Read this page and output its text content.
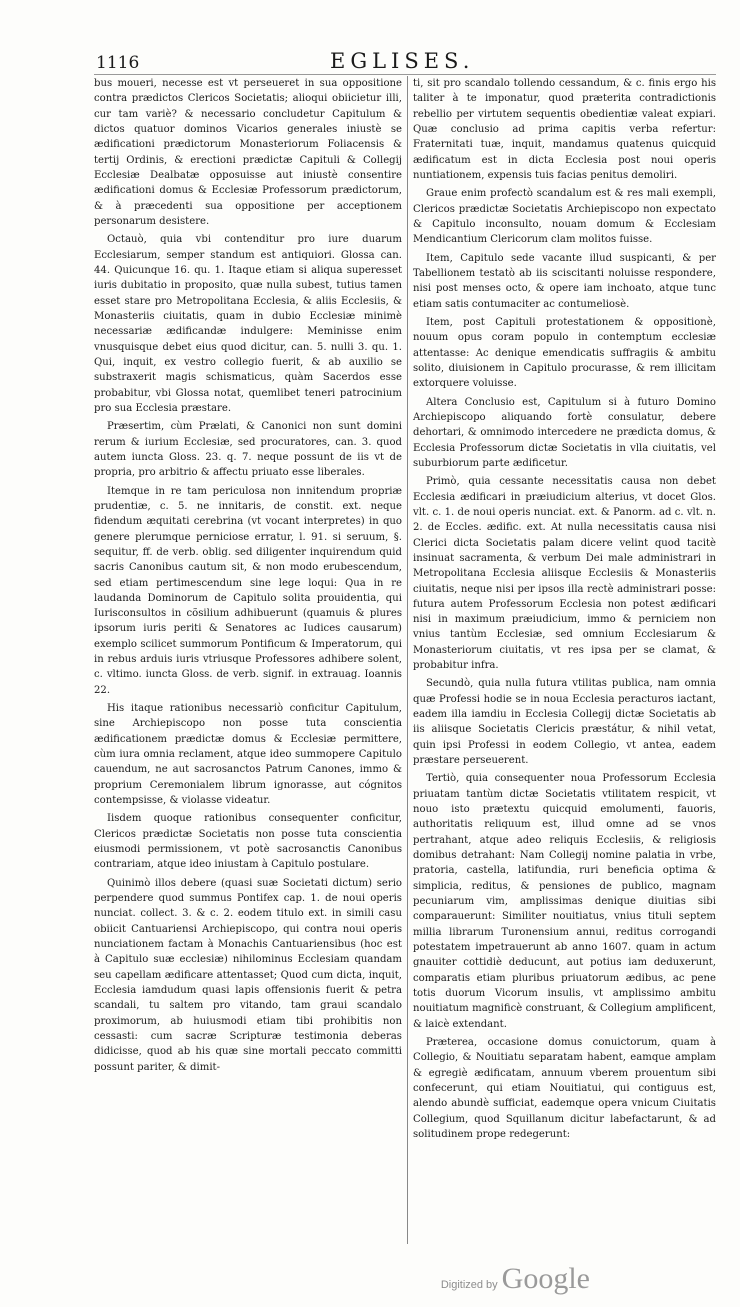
1116	EGLISES.

bus moueri, necesse est vt perseueret in sua oppositione contra prædictos Clericos Societatis; alioqui obiicietur illi, cur tam variè? & necessario concludetur Capitulum & dictos quatuor dominos Vicarios generales iniustè se ædificationi prædictorum Monasteriorum Foliacensis & tertij Ordinis, & erectioni prædictæ Capituli & Collegij Ecclesiæ Dealbatæ opposuisse aut iniustè consentire ædificationi domus & Ecclesiæ Professorum prædictorum, & à præcedenti sua oppositione per acceptionem personarum desistere.

Octauò, quia vbi contenditur pro iure duarum Ecclesiarum, semper standum est antiquiori. Glossa can. 44. Quicunque 16. qu. 1. Itaque etiam si aliqua superesset iuris dubitatio in proposito, quæ nulla subest, tutius tamen esset stare pro Metropolitana Ecclesia, & aliis Ecclesiis, & Monasteriis ciuitatis, quam in dubio Ecclesiæ minimè necessariæ ædificandæ indulgere: Meminisse enim vnusquisque debet eius quod dicitur, can. 5. nulli 3. qu. 1. Qui, inquit, ex vestro collegio fuerit, & ab auxilio se substraxerit magis schismaticus, quàm Sacerdos esse probabitur, vbi Glossa notat, quemlibet teneri patrocinium pro sua Ecclesia præstare.

Præsertim, cùm Prælati, & Canonici non sunt domini rerum & iurium Ecclesiæ, sed procuratores, can. 3. quod autem iuncta Gloss. 23. q. 7. neque possunt de iis vt de propria, pro arbitrio & affectu priuato esse liberales.

Itemque in re tam periculosa non innitendum propriæ prudentiæ, c. 5. ne innitaris, de constit. ext. neque fidendum æquitati cerebrina (vt vocant interpretes) in quo genere plerumque perniciose erratur, l. 91. si seruum, §. sequitur, ff. de verb. oblig. sed diligenter inquirendum quid sacris Canonibus cautum sit, & non modo erubescendum, sed etiam pertimescendum sine lege loqui: Qua in re laudanda Dominorum de Capitulo solita prouidentia, qui Iurisconsultos in cõsilium adhibuerunt (quamuis & plures ipsorum iuris periti & Senatores ac Iudices causarum) exemplo scilicet summorum Pontificum & Imperatorum, qui in rebus arduis iuris vtriusque Professores adhibere solent, c. vltimo. iuncta Gloss. de verb. signif. in extrauag. Ioannis 22.

His itaque rationibus necessariò conficitur Capitulum, sine Archiepiscopo non posse tuta conscientia ædificationem prædictæ domus & Ecclesiæ permittere, cùm iura omnia reclament, atque ideo summopere Capitulo cauendum, ne aut sacrosanctos Patrum Canones, immo & proprium Ceremonialem librum ignorasse, aut cógnitos contempsisse, & violasse videatur.

Iisdem quoque rationibus consequenter conficitur, Clericos prædictæ Societatis non posse tuta conscientia eiusmodi permissionem, vt potè sacrosanctis Canonibus contrariam, atque ideo iniustam à Capitulo postulare.

Quinimò illos debere (quasi suæ Societati dictum) serio perpendere quod summus Pontifex cap. 1. de noui operis nunciat. collect. 3. & c. 2. eodem titulo ext. in simili casu obiicit Cantuariensi Archiepiscopo, qui contra noui operis nunciationem factam à Monachis Cantuariensibus (hoc est à Capitulo suæ ecclesiæ) nihilominus Ecclesiam quandam seu capellam ædificare attentasset; Quod cum dicta, inquit, Ecclesia iamdudum quasi lapis offensionis fuerit & petra scandali, tu saltem pro vitando, tam graui scandalo proximorum, ab huiusmodi etiam tibi prohibitis non cessasti: cum sacræ Scripturæ testimonia deberas didicisse, quod ab his quæ sine mortali peccato committi possunt pariter, & dimit-

ti, sit pro scandalo tollendo cessandum, & c. finis ergo his taliter à te imponatur, quod præterita contradictionis rebellio per virtutem sequentis obedientiæ valeat expiari. Quæ conclusio ad prima capitis verba refertur: Fraternitati tuæ, inquit, mandamus quatenus quicquid ædificatum est in dicta Ecclesia post noui operis nuntiationem, expensis tuis facias penitus demoliri.

Graue enim profectò scandalum est & res mali exempli, Clericos prædictæ Societatis Archiepiscopo non expectato & Capitulo inconsulto, nouam domum & Ecclesiam Mendicantium Clericorum clam molitos fuisse.

Item, Capitulo sede vacante illud suspicanti, & per Tabellionem testatò ab iis sciscitanti noluisse respondere, nisi post menses octo, & opere iam inchoato, atque tunc etiam satis contumaciter ac contumeliosè.

Item, post Capituli protestationem & oppositionè, nouum opus coram populo in contemptum ecclesiæ attentasse: Ac denique emendicatis suffragiis & ambitu solito, diuisionem in Capitulo procurasse, & rem illicitam extorquere voluisse.

Altera Conclusio est, Capitulum si à futuro Domino Archiepiscopo aliquando fortè consulatur, debere dehortari, & omnimodo intercedere ne prædicta domus, & Ecclesia Professorum dictæ Societatis in vlla ciuitatis, vel suburbiorum parte ædificetur.

Primò, quia cessante necessitatis causa non debet Ecclesia ædificari in præiudicium alterius, vt docet Glos. vlt. c. 1. de noui operis nunciat. ext. & Panorm. ad c. vlt. n. 2. de Eccles. ædific. ext. At nulla necessitatis causa nisi Clerici dicta Societatis palam dicere velint quod tacitè insinuat sacramenta, & verbum Dei male administrari in Metropolitana Ecclesia aliisque Ecclesiis & Monasteriis ciuitatis, neque nisi per ipsos illa rectè administrari posse: futura autem Professorum Ecclesia non potest ædificari nisi in maximum præiudicium, immo & perniciem non vnius tantùm Ecclesiæ, sed omnium Ecclesiarum & Monasteriorum ciuitatis, vt res ipsa per se clamat, & probabitur infra.

Secundò, quia nulla futura vtilitas publica, nam omnia quæ Professi hodie se in noua Ecclesia peracturos iactant, eadem illa iamdiu in Ecclesia Collegij dictæ Societatis ab iis aliisque Societatis Clericis præstátur, & nihil vetat, quin ipsi Professi in eodem Collegio, vt antea, eadem præstare perseuerent.

Tertiò, quia consequenter noua Professorum Ecclesia priuatam tantùm dictæ Societatis vtilitatem respicit, vt nouo isto prætextu quicquid emolumenti, fauoris, authoritatis reliquum est, illud omne ad se vnos pertrahant, atque adeo reliquis Ecclesiis, & religiosis domibus detrahant: Nam Collegij nomine palatia in vrbe, pratoria, castella, latifundia, ruri beneficia optima & simplicia, reditus, & pensiones de publico, magnam pecuniarum vim, amplissimas denique diuitias sibi comparauerunt: Similiter nouitiatus, vnius tituli septem millia librarum Turonensium annui, reditus corrogandi potestatem impetrauerunt ab anno 1607. quam in actum gnauiter cottidiè deducunt, aut potius iam deduxerunt, comparatis etiam pluribus priuatorum ædibus, ac pene totis duorum Vicorum insulis, vt amplissimo ambitu nouitiatum magnificè construant, & Collegium amplificent, & laicè extendant.

Præterea, occasione domus conuictorum, quam à Collegio, & Nouitiatu separatam habent, eamque amplam & egregiè ædificatam, annuum vberem prouentum sibi confecerunt, qui etiam Nouitiatui, qui contiguus est, alendo abundè sufficiat, eademque opera vnicum Ciuitatis Collegium, quod Squillanum dicitur labefactarunt, & ad solitudinem prope redegerunt:

Digitized by Google
